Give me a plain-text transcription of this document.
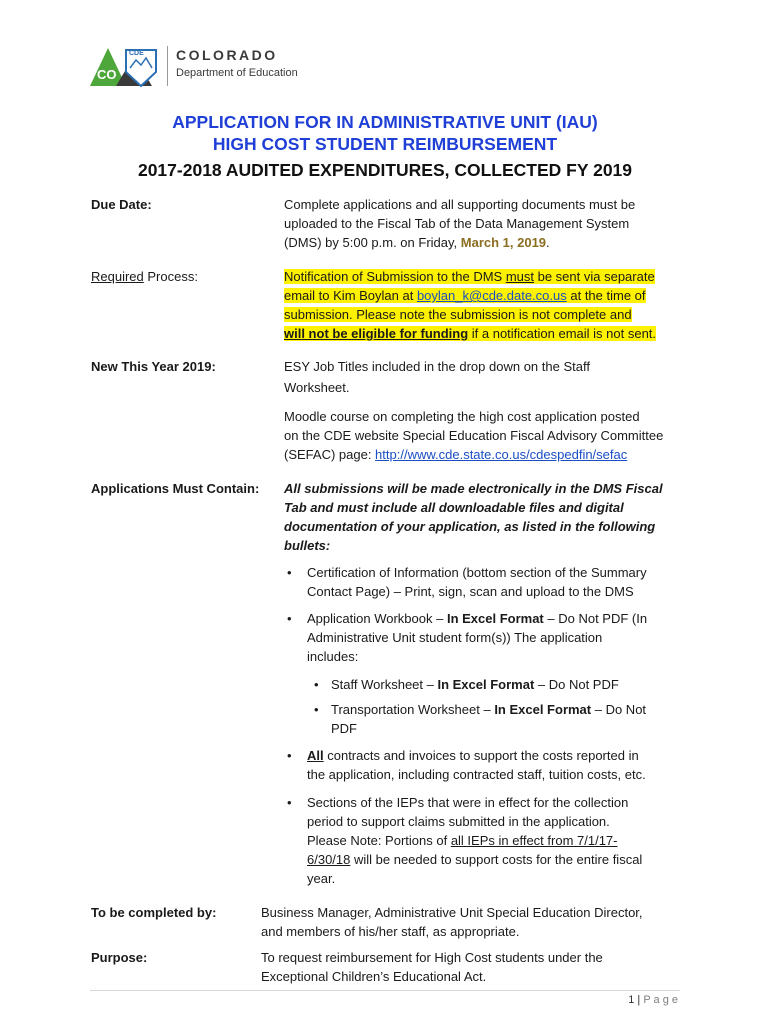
CDE
CO
COLORADO
Department of Education
APPLICATION FOR IN ADMINISTRATIVE UNIT (IAU)
HIGH COST STUDENT REIMBURSEMENT
2017-2018 AUDITED EXPENDITURES, COLLECTED FY 2019
Due Date:	Complete applications and all supporting documents must be
uploaded to the Fiscal Tab of the Data Management System
(DMS) by 5:00 p.m. on Friday, March 1, 2019.
Required Process:	Notification of Submission to the DMS must be sent via separate
email to Kim Boylan at boylan_k@cde.date.co.us at the time of
submission. Please note the submission is not complete and
will not be eligible for funding if a notification email is not sent.
New This Year 2019:	ESY Job Titles included in the drop down on the Staff
Worksheet.
Moodle course on completing the high cost application posted
on the CDE website Special Education Fiscal Advisory Committee
(SEFAC) page: http://www.cde.state.co.us/cdespedfin/sefac
Applications Must Contain: All submissions will be made electronically in the DMS Fiscal
Tab and must include all downloadable files and digital
documentation of your application, as listed in the following
bullets:
• Certification of Information (bottom section of the Summary
Contact Page) – Print, sign, scan and upload to the DMS
• Application Workbook – In Excel Format – Do Not PDF (In
Administrative Unit student form(s)) The application
includes:
• Staff Worksheet – In Excel Format – Do Not PDF
• Transportation Worksheet – In Excel Format – Do Not
PDF
• All contracts and invoices to support the costs reported in
the application, including contracted staff, tuition costs, etc.
• Sections of the IEPs that were in effect for the collection
period to support claims submitted in the application.
Please Note: Portions of all IEPs in effect from 7/1/17-
6/30/18 will be needed to support costs for the entire fiscal
year.
To be completed by:	Business Manager, Administrative Unit Special Education Director,
and members of his/her staff, as appropriate.
Purpose:	To request reimbursement for High Cost students under the
Exceptional Children’s Educational Act.
1 | P a g e
